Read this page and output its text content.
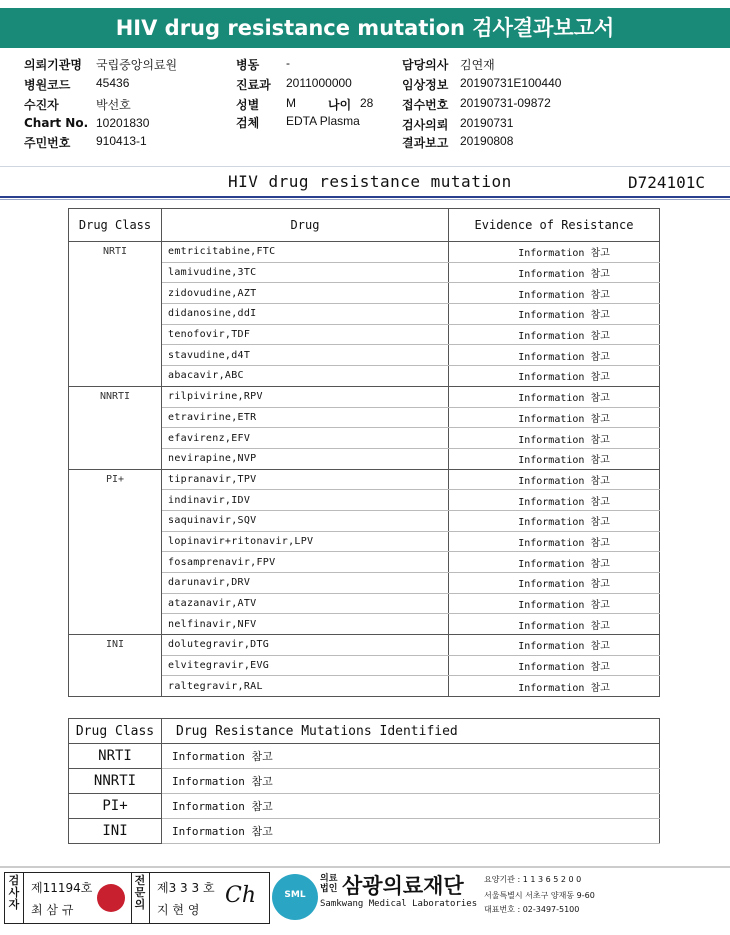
HIV drug resistance mutation 검사결과보고서
의뢰기관명 국립중앙의료원
병원코드 45436
수진자	박선호
Chart No. 10201830
주민번호 910413-1
병동 -
진료과 2011000000
성별 M	나이 28
검체 EDTA Plasma
담당의사 김연재
임상정보 20190731E100440
접수번호 20190731-09872
검사의뢰 20190731
결과보고 20190808
HIV drug resistance mutation	D724101C
Drug Class	Drug	Evidence of Resistance
NRTI	emtricitabine,FTC	Information 참고
	lamivudine,3TC	Information 참고
	zidovudine,AZT	Information 참고
	didanosine,ddI	Information 참고
	tenofovir,TDF	Information 참고
	stavudine,d4T	Information 참고
	abacavir,ABC	Information 참고
NNRTI	rilpivirine,RPV	Information 참고
	etravirine,ETR	Information 참고
	efavirenz,EFV	Information 참고
	nevirapine,NVP	Information 참고
PI+	tipranavir,TPV	Information 참고
	indinavir,IDV	Information 참고
	saquinavir,SQV	Information 참고
	lopinavir+ritonavir,LPV	Information 참고
	fosamprenavir,FPV	Information 참고
	darunavir,DRV	Information 참고
	atazanavir,ATV	Information 참고
	nelfinavir,NFV	Information 참고
INI	dolutegravir,DTG	Information 참고
	elvitegravir,EVG	Information 참고
	raltegravir,RAL	Information 참고
Drug Class	Drug Resistance Mutations Identified
NRTI	Information 참고
NNRTI	Information 참고
PI+	Information 참고
INI	Information 참고
검사자
제11194호
최 삼 규
전문의
제3 3 3 호
지 현 영
Ch	SML
의료법인 삼광의료재단
Samkwang Medical Laboratories
요양기관 : 1 1 3 6 5 2 0 0
서울특별시 서초구 양재동 9-60
대표번호 : 02-3497-5100
